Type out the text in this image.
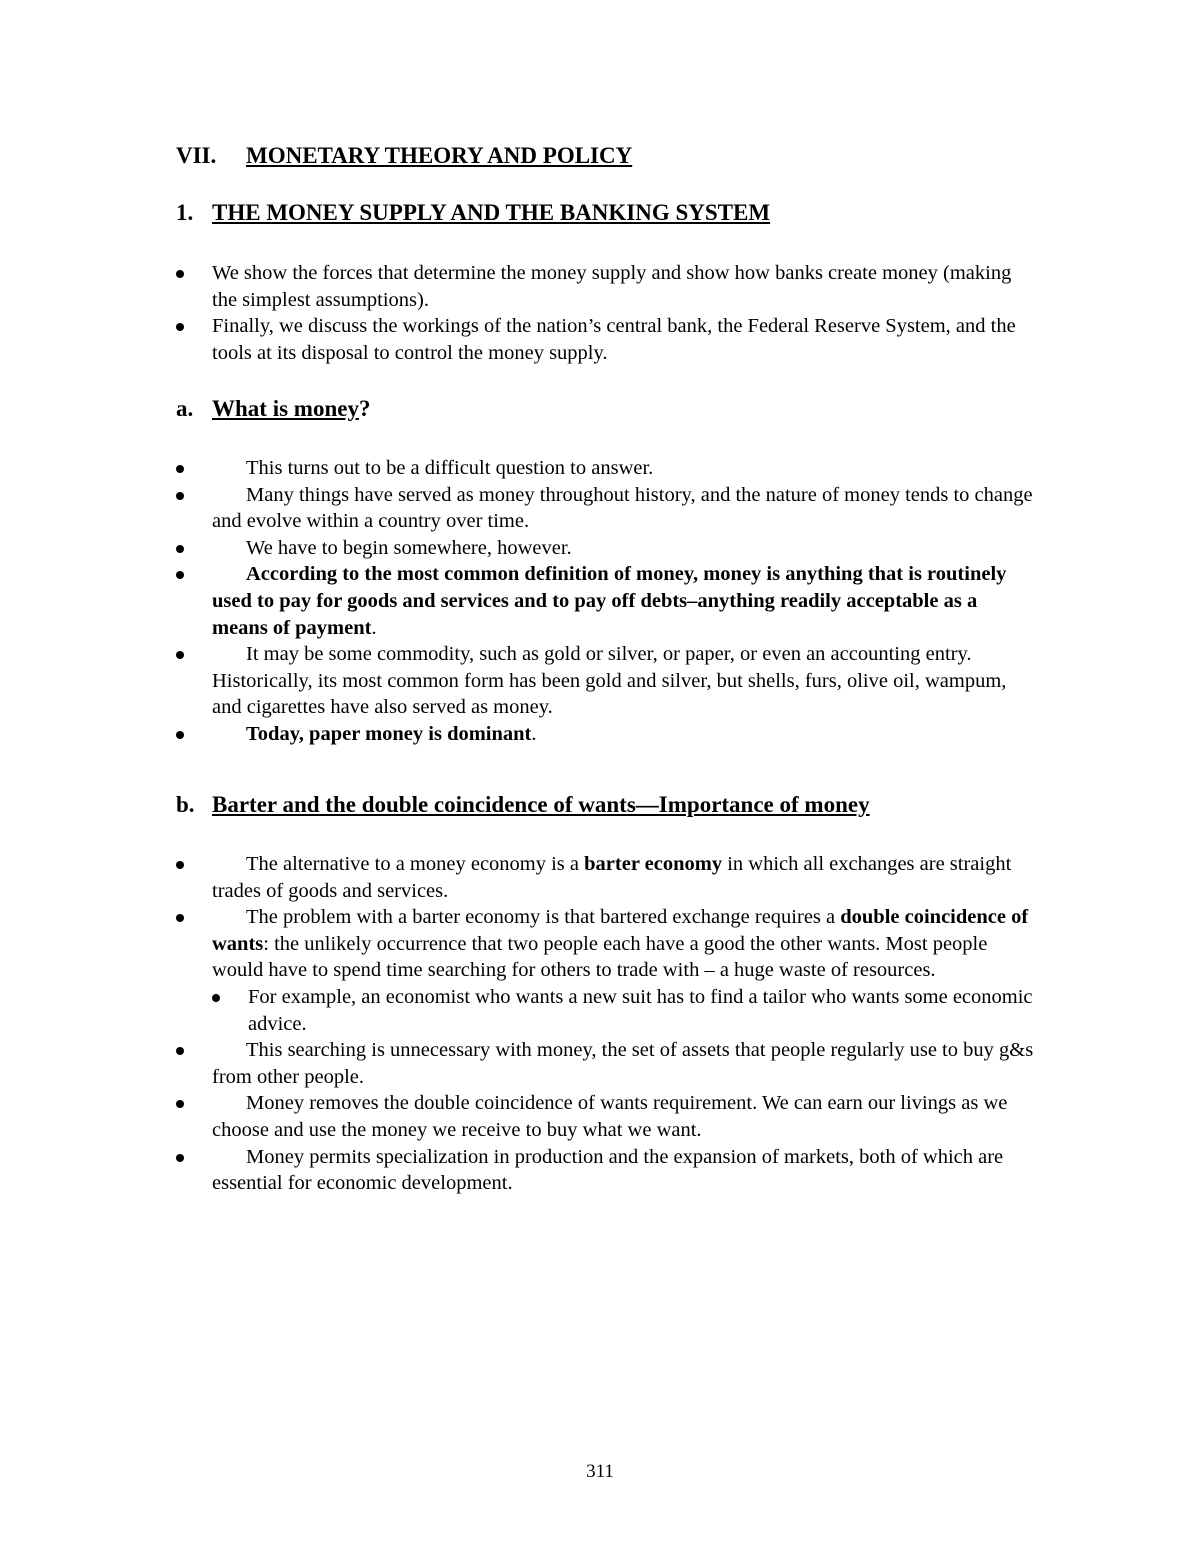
VII. MONETARY THEORY AND POLICY
1. THE MONEY SUPPLY AND THE BANKING SYSTEM
We show the forces that determine the money supply and show how banks create money (making the simplest assumptions).
Finally, we discuss the workings of the nation’s central bank, the Federal Reserve System, and the tools at its disposal to control the money supply.
a. What is money?
This turns out to be a difficult question to answer.
Many things have served as money throughout history, and the nature of money tends to change and evolve within a country over time.
We have to begin somewhere, however.
According to the most common definition of money, money is anything that is routinely used to pay for goods and services and to pay off debts–anything readily acceptable as a means of payment.
It may be some commodity, such as gold or silver, or paper, or even an accounting entry. Historically, its most common form has been gold and silver, but shells, furs, olive oil, wampum, and cigarettes have also served as money.
Today, paper money is dominant.
b. Barter and the double coincidence of wants—Importance of money
The alternative to a money economy is a barter economy in which all exchanges are straight trades of goods and services.
The problem with a barter economy is that bartered exchange requires a double coincidence of wants: the unlikely occurrence that two people each have a good the other wants. Most people would have to spend time searching for others to trade with – a huge waste of resources.
For example, an economist who wants a new suit has to find a tailor who wants some economic advice.
This searching is unnecessary with money, the set of assets that people regularly use to buy g&s from other people.
Money removes the double coincidence of wants requirement. We can earn our livings as we choose and use the money we receive to buy what we want.
Money permits specialization in production and the expansion of markets, both of which are essential for economic development.

311
